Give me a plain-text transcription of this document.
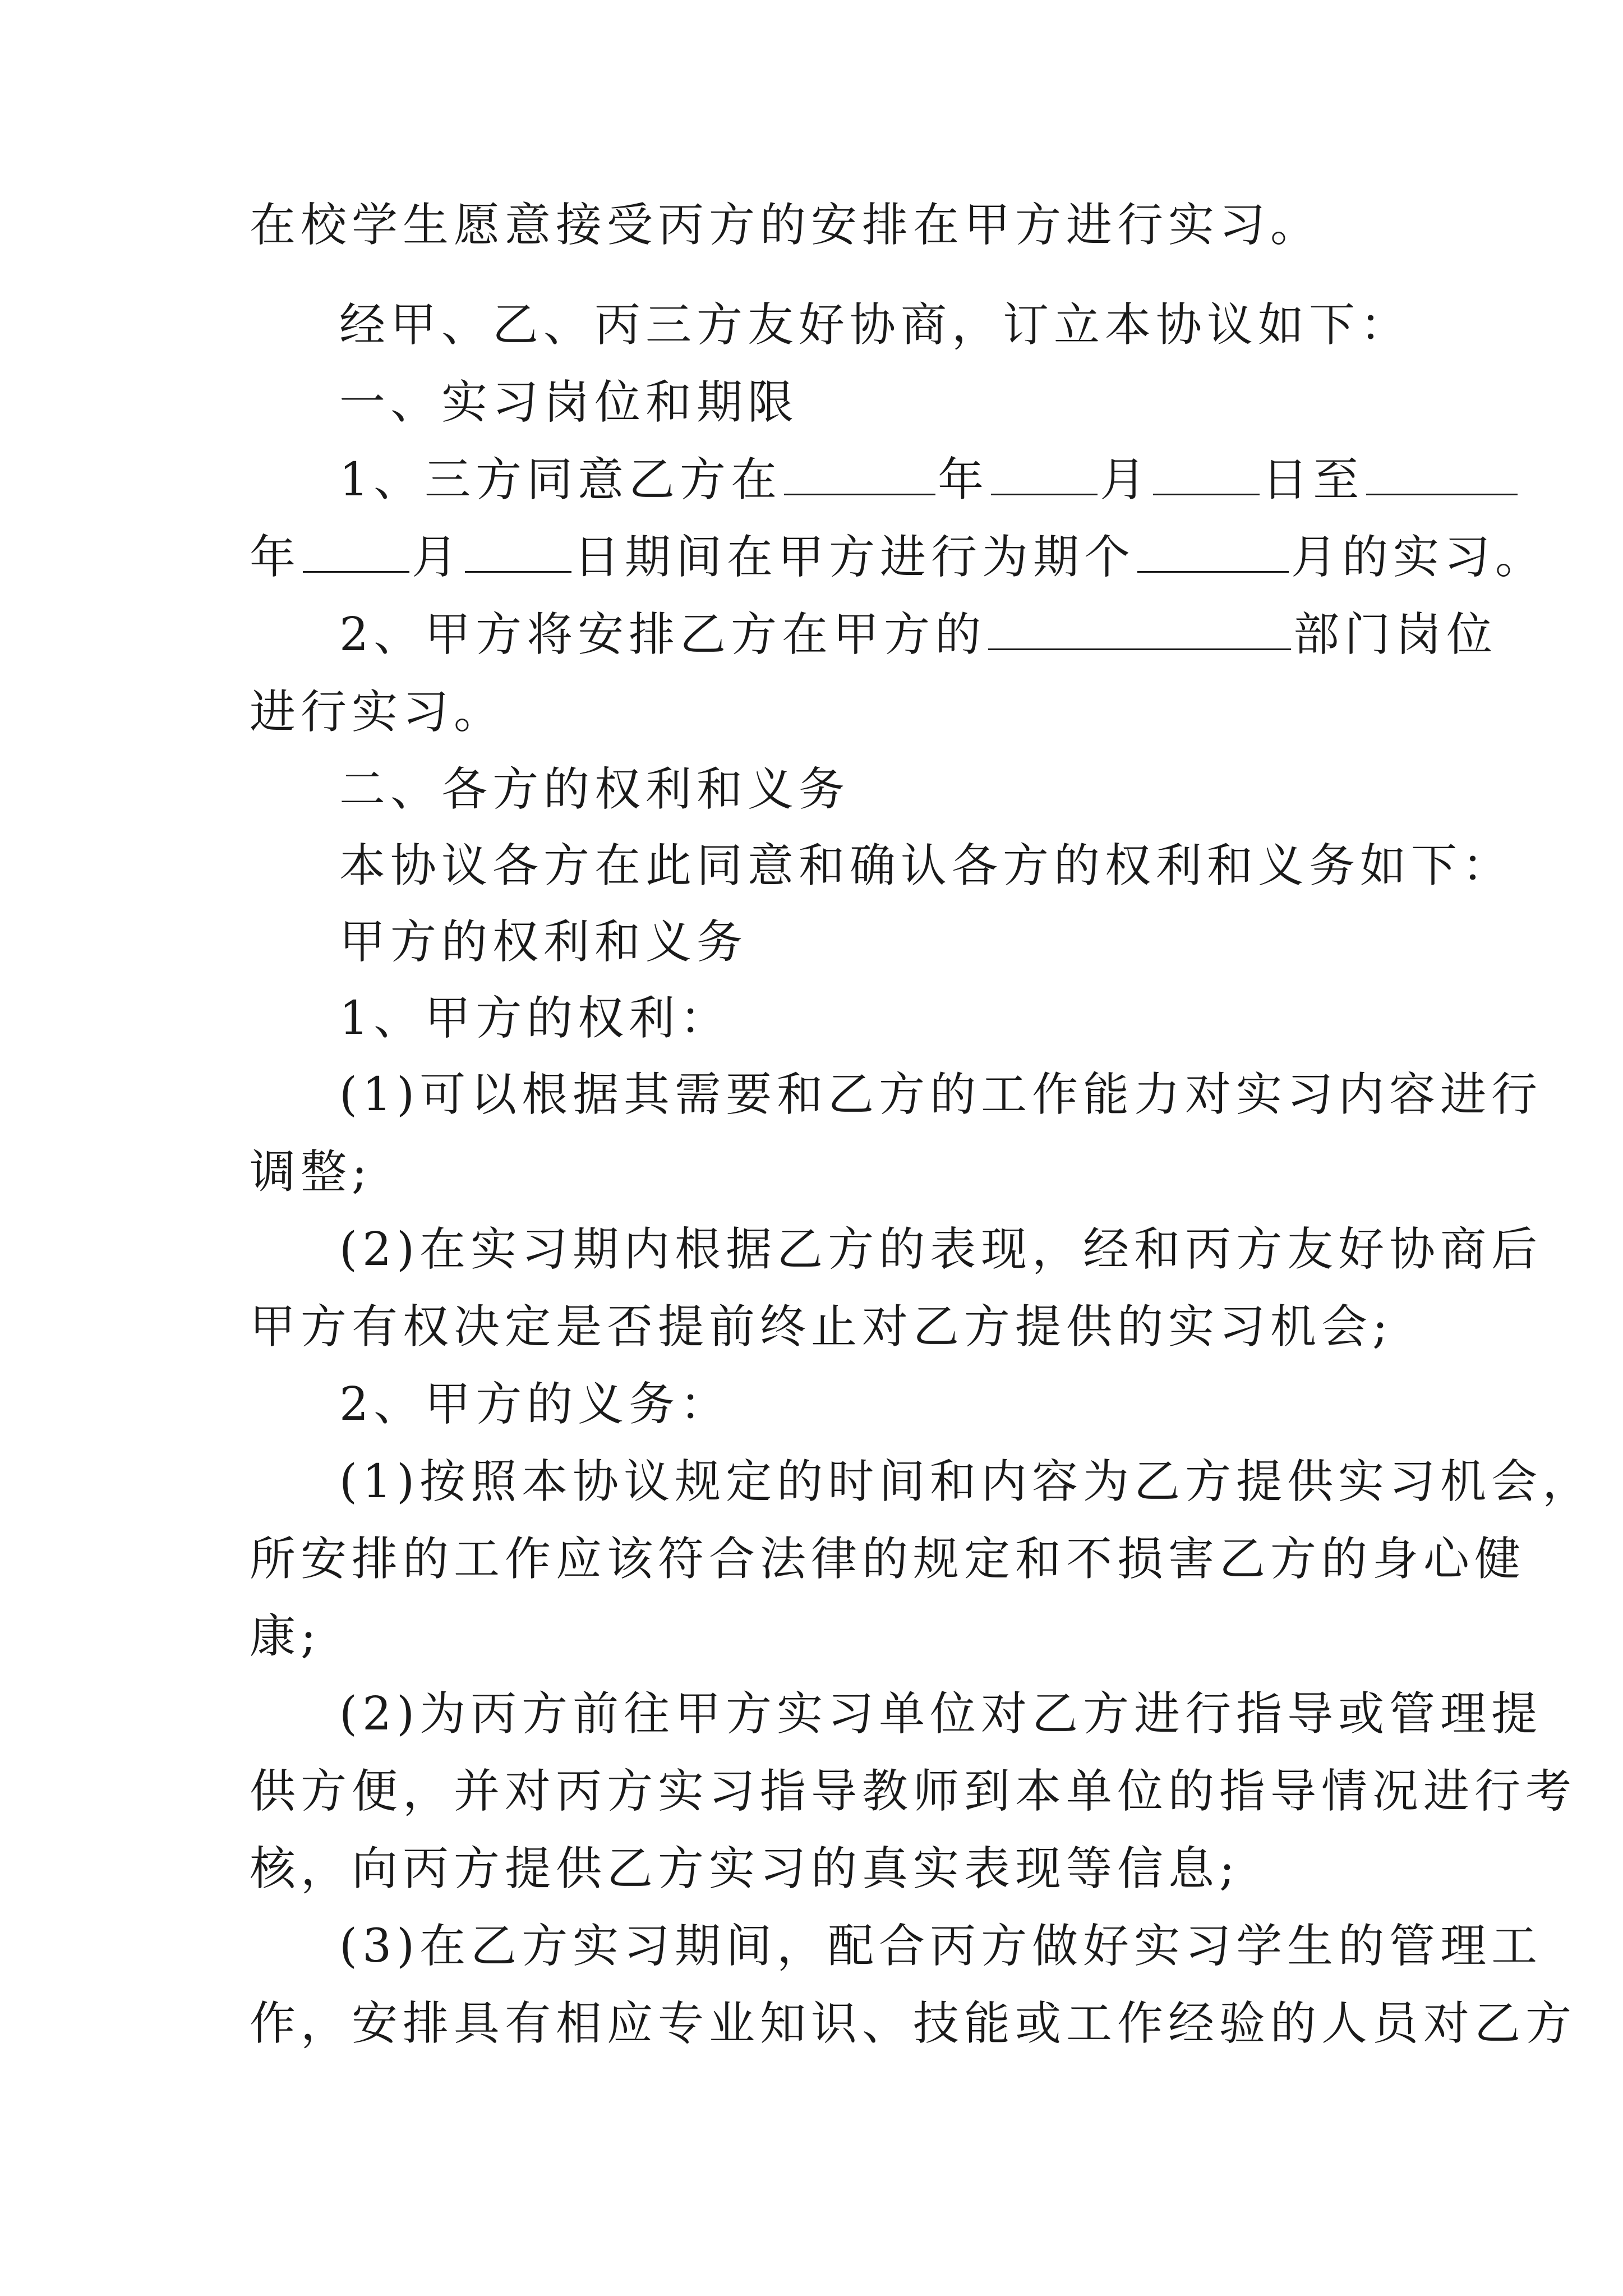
在校学生愿意接受丙方的安排在甲方进行实习。
经甲、乙、丙三方友好协商，订立本协议如下：
一、实习岗位和期限
1、三方同意乙方在	年 月 日至
年 月 日期间在甲方进行为期个	月的实习。
2、甲方将安排乙方在甲方的	部门岗位
进行实习。
二、各方的权利和义务
本协议各方在此同意和确认各方的权利和义务如下：
甲方的权利和义务
1、甲方的权利：
(1)可以根据其需要和乙方的工作能力对实习内容进行
调整;
(2)在实习期内根据乙方的表现，经和丙方友好协商后
甲方有权决定是否提前终止对乙方提供的实习机会;
2、甲方的义务：
(1)按照本协议规定的时间和内容为乙方提供实习机会，
所安排的工作应该符合法律的规定和不损害乙方的身心健
康;
(2)为丙方前往甲方实习单位对乙方进行指导或管理提
供方便，并对丙方实习指导教师到本单位的指导情况进行考
核，向丙方提供乙方实习的真实表现等信息;
(3)在乙方实习期间，配合丙方做好实习学生的管理工
作，安排具有相应专业知识、技能或工作经验的人员对乙方
